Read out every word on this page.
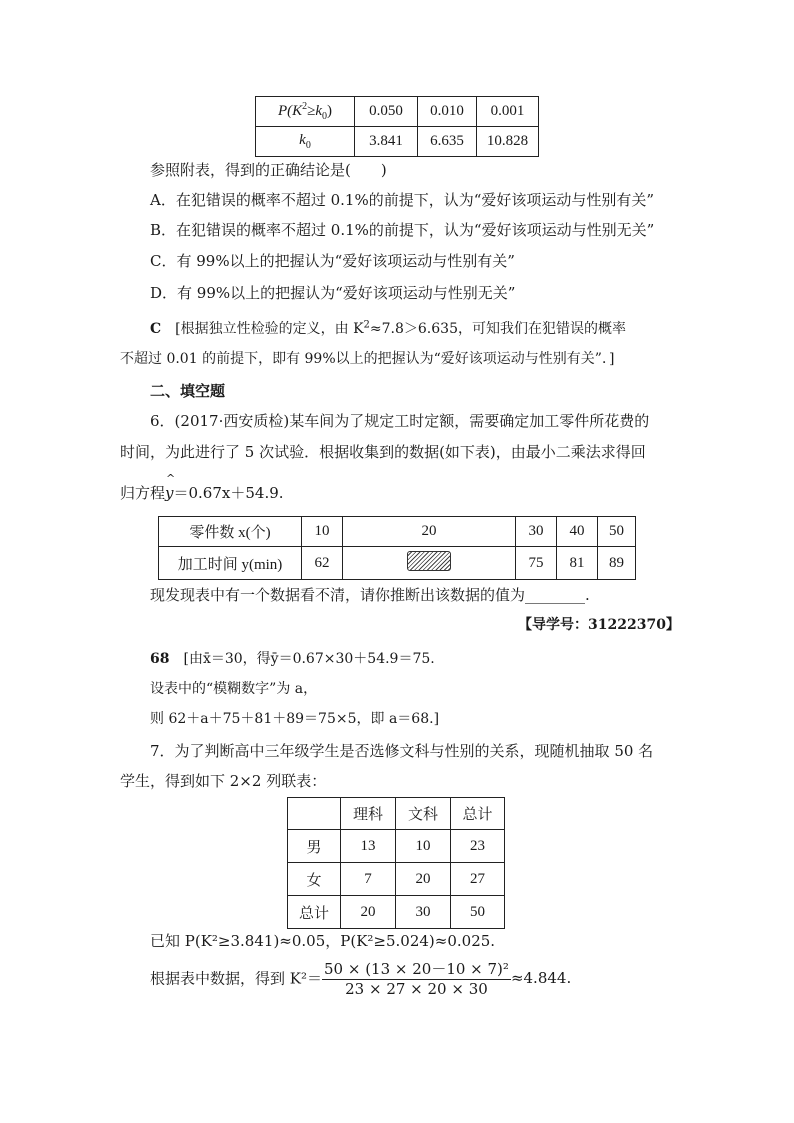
$P(K^2\ge k_0)$	0.050	0.010	0.001
$k_0$	3.841	6.635	10.828
参照附表，得到的正确结论是(　　)
A．在犯错误的概率不超过 0.1%的前提下，认为“爱好该项运动与性别有关”
B．在犯错误的概率不超过 0.1%的前提下，认为“爱好该项运动与性别无关”
C．有 99%以上的把握认为“爱好该项运动与性别有关”
D．有 99%以上的把握认为“爱好该项运动与性别无关”
C [根据独立性检验的定义，由 $K^2\approx 7.8>6.635$，可知我们在犯错误的概率
不超过 0.01 的前提下，即有 99%以上的把握认为“爱好该项运动与性别有关”．]
二、填空题
6．(2017·西安质检)某车间为了规定工时定额，需要确定加工零件所花费的
时间，为此进行了 5 次试验．根据收集到的数据(如下表)，由最小二乘法求得回
归方程
^
y＝0.67x＋54.9.
零件数 x(个)	10	20	30	40	50
加工时间 y(min)	62		75	81	89
现发现表中有一个数据看不清，请你推断出该数据的值为________.
【导学号：31222370】
68 [由x̄＝30，得ȳ＝0.67×30＋54.9＝75.
设表中的“模糊数字”为 a，
则 62＋a＋75＋81＋89＝75×5，即 a＝68.]
7．为了判断高中三年级学生是否选修文科与性别的关系，现随机抽取 50 名
学生，得到如下 2×2 列联表：
	理科	文科	总计
男	13	10	23
女	7	20	27
总计	20	30	50
已知 P(K²≥3.841)≈0.05，P(K²≥5.024)≈0.025.
根据表中数据，得到 $K^2= \frac{\text{50 × (13 × 20－10 × 7)²}}{23 \times 27 \times 20 \times 30} \approx 4.844$.
